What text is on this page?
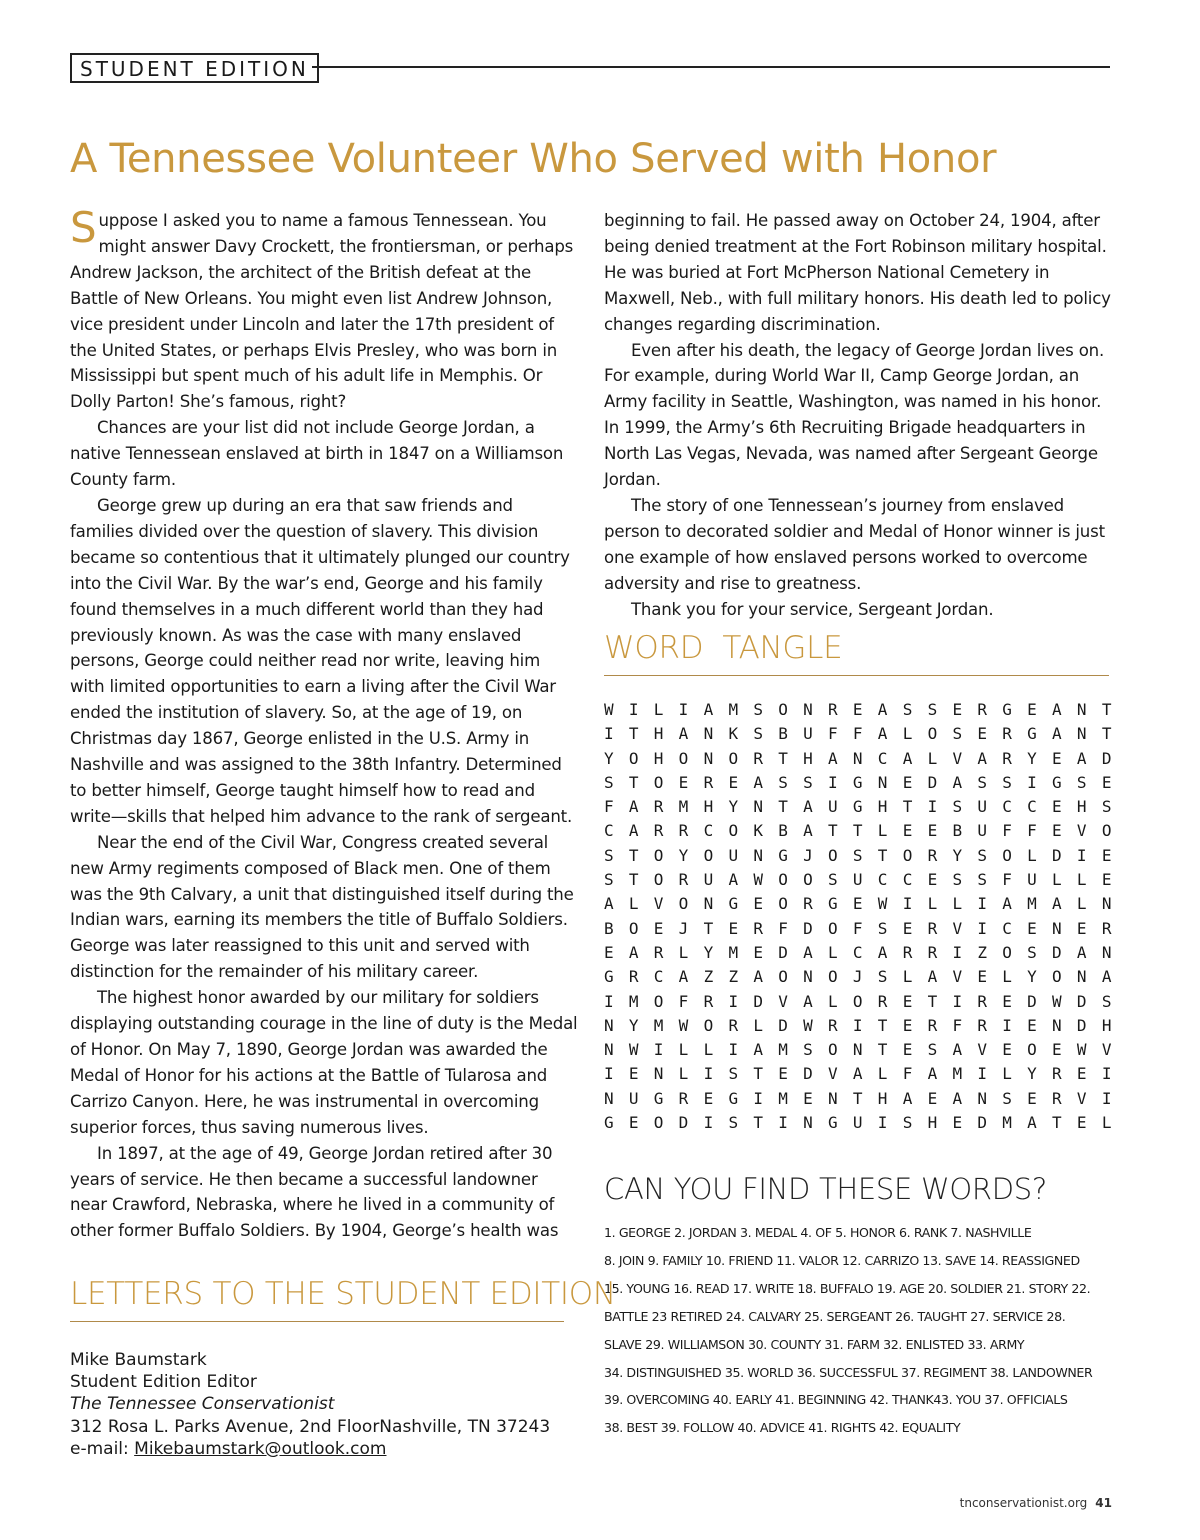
STUDENT EDITION
A Tennessee Volunteer Who Served with Honor

Suppose I asked you to name a famous Tennessean. You might answer Davy Crockett, the frontiersman, or perhaps Andrew Jackson, the architect of the British defeat at the Battle of New Orleans. You might even list Andrew Johnson, vice president under Lincoln and later the 17th president of the United States, or perhaps Elvis Presley, who was born in Mississippi but spent much of his adult life in Memphis. Or Dolly Parton! She’s famous, right?

Chances are your list did not include George Jordan, a native Tennessean enslaved at birth in 1847 on a Williamson County farm.

George grew up during an era that saw friends and families divided over the question of slavery. This division became so contentious that it ultimately plunged our country into the Civil War. By the war’s end, George and his family found themselves in a much different world than they had previously known. As was the case with many enslaved persons, George could neither read nor write, leaving him with limited opportunities to earn a living after the Civil War ended the institution of slavery. So, at the age of 19, on Christmas day 1867, George enlisted in the U.S. Army in Nashville and was assigned to the 38th Infantry. Determined to better himself, George taught himself how to read and write—skills that helped him advance to the rank of sergeant.

Near the end of the Civil War, Congress created several new Army regiments composed of Black men. One of them was the 9th Calvary, a unit that distinguished itself during the Indian wars, earning its members the title of Buffalo Soldiers. George was later reassigned to this unit and served with distinction for the remainder of his military career.

The highest honor awarded by our military for soldiers displaying outstanding courage in the line of duty is the Medal of Honor. On May 7, 1890, George Jordan was awarded the Medal of Honor for his actions at the Battle of Tularosa and Carrizo Canyon. Here, he was instrumental in overcoming superior forces, thus saving numerous lives.

In 1897, at the age of 49, George Jordan retired after 30 years of service. He then became a successful landowner near Crawford, Nebraska, where he lived in a community of other former Buffalo Soldiers. By 1904, George’s health was

beginning to fail. He passed away on October 24, 1904, after being denied treatment at the Fort Robinson military hospital. He was buried at Fort McPherson National Cemetery in Maxwell, Neb., with full military honors. His death led to policy changes regarding discrimination.

Even after his death, the legacy of George Jordan lives on. For example, during World War II, Camp George Jordan, an Army facility in Seattle, Washington, was named in his honor. In 1999, the Army’s 6th Recruiting Brigade headquarters in North Las Vegas, Nevada, was named after Sergeant George Jordan.

The story of one Tennessean’s journey from enslaved person to decorated soldier and Medal of Honor winner is just one example of how enslaved persons worked to overcome adversity and rise to greatness.

Thank you for your service, Sergeant Jordan.

WORD  TANGLE
W I L I A M S O N R E A S S E R G E A N T
I T H A N K S B U F F A L O S E R G A N T
Y O H O N O R T H A N C A L V A R Y E A D
S T O E R E A S S I G N E D A S S I G S E
F A R M H Y N T A U G H T I S U C C E H S
C A R R C O K B A T T L E E B U F F E V O
S T O Y O U N G J O S T O R Y S O L D I E
S T O R U A W O O S U C C E S S F U L L E
A L V O N G E O R G E W I L L I A M A L N
B O E J T E R F D O F S E R V I C E N E R
E A R L Y M E D A L C A R R I Z O S D A N
G R C A Z Z A O N O J S L A V E L Y O N A
I M O F R I D V A L O R E T I R E D W D S
N Y M W O R L D W R I T E R F R I E N D H
N W I L L I A M S O N T E S A V E O E W V
I E N L I S T E D V A L F A M I L Y R E I
N U G R E G I M E N T H A E A N S E R V I
G E O D I S T I N G U I S H E D M A T E L
CAN YOU FIND THESE WORDS?
1. GEORGE 2. JORDAN 3. MEDAL 4. OF 5. HONOR 6. RANK 7. NASHVILLE
8. JOIN 9. FAMILY 10. FRIEND 11. VALOR 12. CARRIZO 13. SAVE 14. REASSIGNED
15. YOUNG 16. READ 17. WRITE 18. BUFFALO 19. AGE 20. SOLDIER 21. STORY 22.
BATTLE 23 RETIRED 24. CALVARY 25. SERGEANT 26. TAUGHT 27. SERVICE 28.
SLAVE 29. WILLIAMSON 30. COUNTY 31. FARM 32. ENLISTED 33. ARMY
34. DISTINGUISHED 35. WORLD 36. SUCCESSFUL 37. REGIMENT 38. LANDOWNER
39. OVERCOMING 40. EARLY 41. BEGINNING 42. THANK43. YOU 37. OFFICIALS
38. BEST 39. FOLLOW 40. ADVICE 41. RIGHTS 42. EQUALITY
LETTERS TO THE STUDENT EDITION
Mike Baumstark
Student Edition Editor
The Tennessee Conservationist
312 Rosa L. Parks Avenue, 2nd FloorNashville, TN 37243
e-mail: Mikebaumstark@outlook.com
tnconservationist.org 41
